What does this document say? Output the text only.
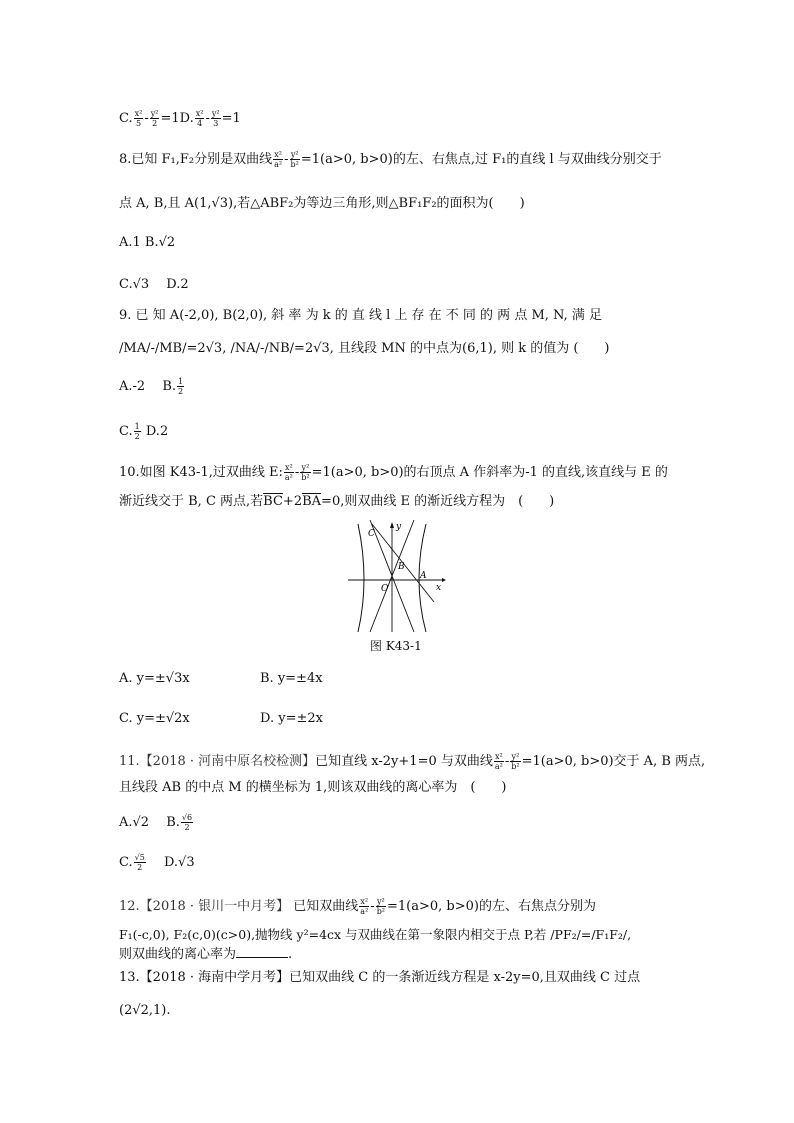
C. $\frac{\text{x²}}{5} - \frac{\text{y²}}{2} =1D$. $\frac{\text{x²}}{4} - \frac{\text{y²}}{3} =1$
8.已知 F₁,F₂分别是双曲线 $\frac{\text{x²}}{\text{a²}} - \frac{\text{y²}}{\text{b²}} =1(a>0$, b>0)的左、右焦点,过 F₁的直线 l 与双曲线分别交于
点 A, B,且 A(1,√3),若△ABF₂为等边三角形,则△BF₁F₂的面积为(　　)
A.1 B.√2
C.√3　 D.2
9. 已 知 A(-2,0), B(2,0), 斜 率 为 k 的 直 线 l 上 存 在 不 同 的 两 点 M, N, 满 足
/MA/-/MB/=2√3, /NA/-/NB/=2√3, 且线段 MN 的中点为(6,1), 则 k 的值为 (　　)
A.-2　 B. $\frac{1}{2}$
C. $\frac{1}{2} D.2$
10.如图 K43-1,过双曲线 E: $\frac{\text{x²}}{\text{a²}} - \frac{\text{y²}}{\text{b²}} =1(a>0$, b>0)的右顶点 A 作斜率为-1 的直线,该直线与 E 的
渐近线交于 B, C 两点,若$\overline{BC}+2\overline{BA}=0$,则双曲线 E 的渐近线方程为　(　　)
y
C
B
O
A
x
图 K43-1
A. y=±√3x	B. y=±4x
C. y=±√2x	D. y=±2x
11.【2018 · 河南中原名校检测】已知直线 x-2y+1=0 与双曲线 $\frac{\text{x²}}{\text{a²}} - \frac{\text{y²}}{\text{b²}} =1(a>0$, b>0)交于 A, B 两点,
且线段 AB 的中点 M 的横坐标为 1,则该双曲线的离心率为　(　　)
A.√2　 B. $\frac{√6}{2}$
C. $\frac{√5}{2}$ 　 D.√3
12.【2018 · 银川一中月考】 已知双曲线 $\frac{\text{x²}}{\text{a²}} - \frac{\text{y²}}{\text{b²}} =1(a>0$, b>0)的左、右焦点分别为
F₁(-c,0), F₂(c,0)(c>0),抛物线 y²=4cx 与双曲线在第一象限内相交于点 P,若 /PF₂/=/F₁F₂/,
则双曲线的离心率为	.
13.【2018 · 海南中学月考】已知双曲线 C 的一条渐近线方程是 x-2y=0,且双曲线 C 过点
(2√2,1).
